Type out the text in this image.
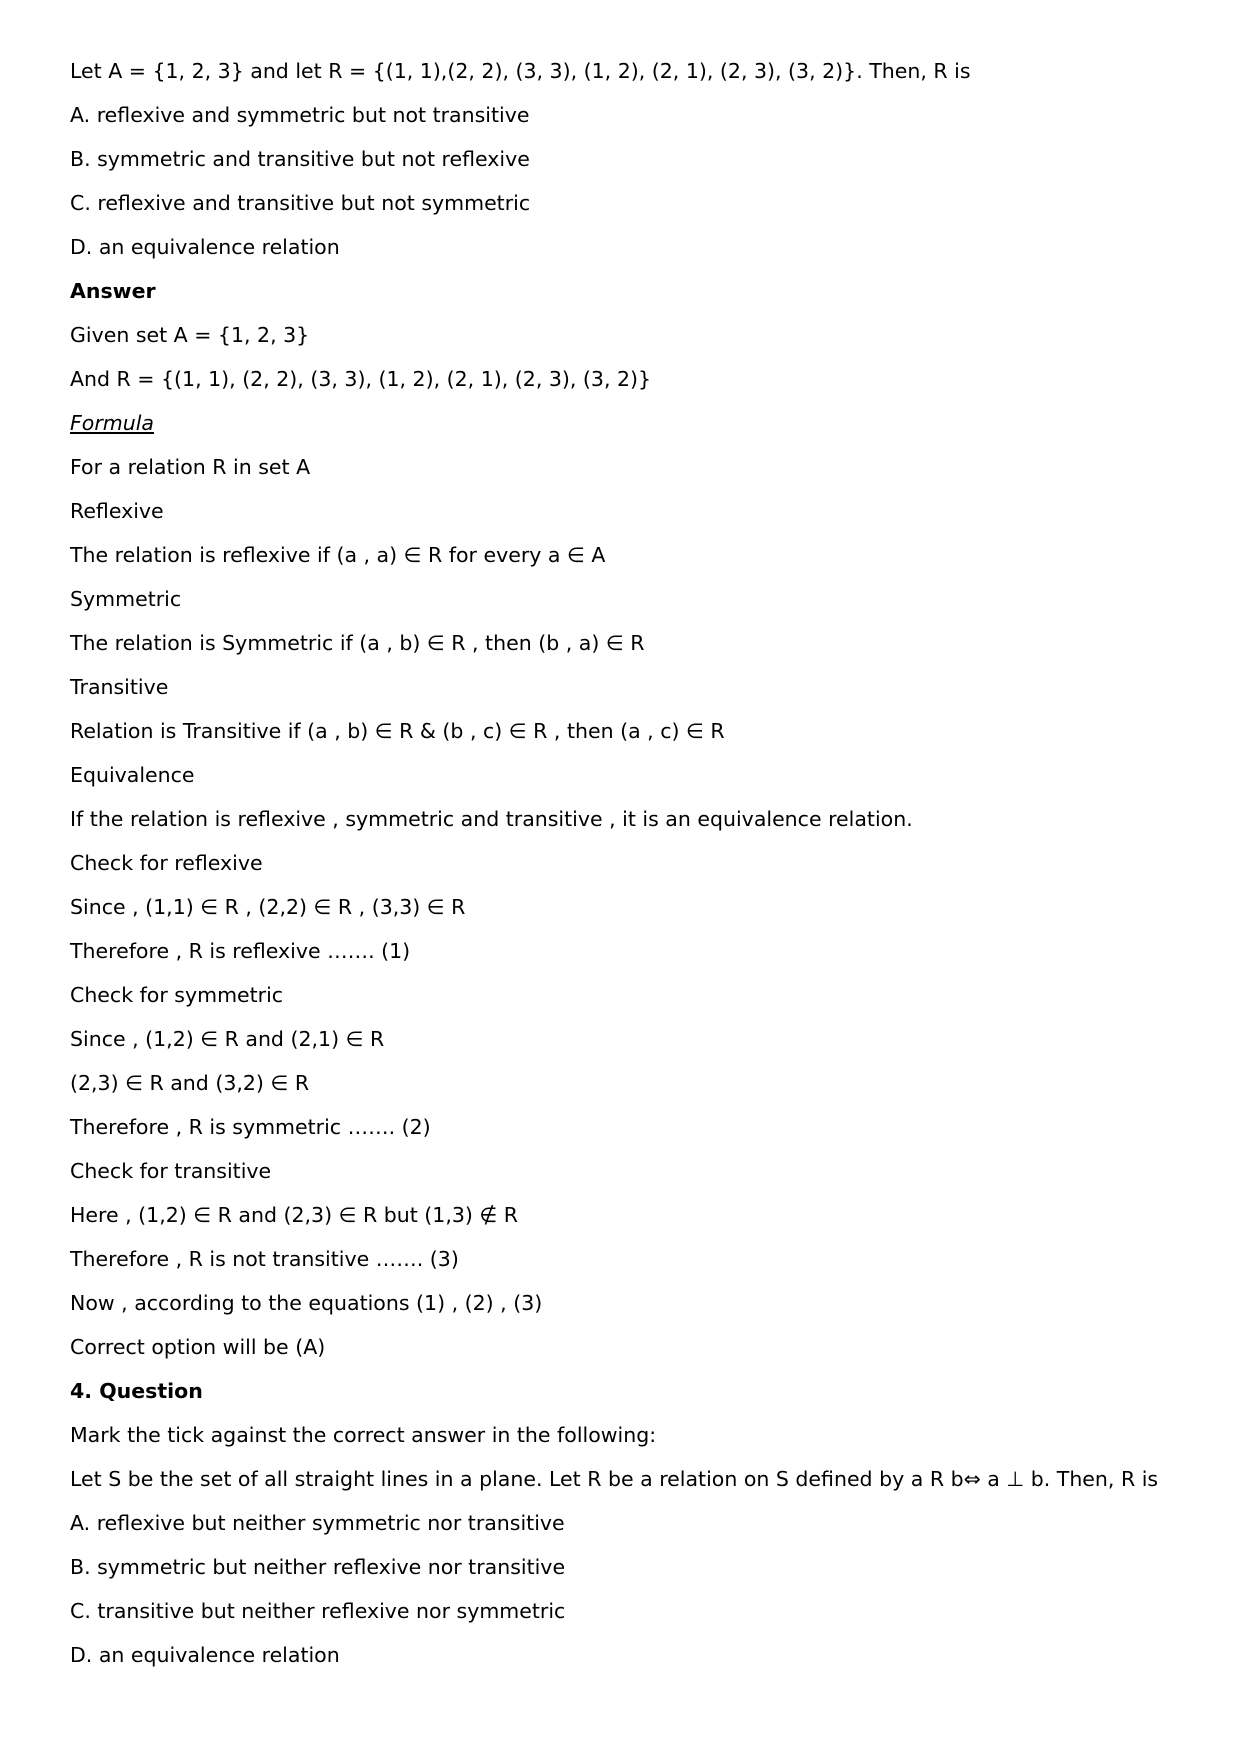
Let A = {1, 2, 3} and let R = {(1, 1),(2, 2), (3, 3), (1, 2), (2, 1), (2, 3), (3, 2)}. Then, R is
A. reflexive and symmetric but not transitive
B. symmetric and transitive but not reflexive
C. reflexive and transitive but not symmetric
D. an equivalence relation
Answer
Given set A = {1, 2, 3}
And R = {(1, 1), (2, 2), (3, 3), (1, 2), (2, 1), (2, 3), (3, 2)}
Formula
For a relation R in set A
Reflexive
The relation is reflexive if (a , a) ∈ R for every a ∈ A
Symmetric
The relation is Symmetric if (a , b) ∈ R , then (b , a) ∈ R
Transitive
Relation is Transitive if (a , b) ∈ R & (b , c) ∈ R , then (a , c) ∈ R
Equivalence
If the relation is reflexive , symmetric and transitive , it is an equivalence relation.
Check for reflexive
Since , (1,1) ∈ R , (2,2) ∈ R , (3,3) ∈ R
Therefore , R is reflexive ……. (1)
Check for symmetric
Since , (1,2) ∈ R and (2,1) ∈ R
(2,3) ∈ R and (3,2) ∈ R
Therefore , R is symmetric ……. (2)
Check for transitive
Here , (1,2) ∈ R and (2,3) ∈ R but (1,3) ∉ R
Therefore , R is not transitive ……. (3)
Now , according to the equations (1) , (2) , (3)
Correct option will be (A)
4. Question
Mark the tick against the correct answer in the following:
Let S be the set of all straight lines in a plane. Let R be a relation on S defined by a R b⇔ a ⊥ b. Then, R is
A. reflexive but neither symmetric nor transitive
B. symmetric but neither reflexive nor transitive
C. transitive but neither reflexive nor symmetric
D. an equivalence relation
